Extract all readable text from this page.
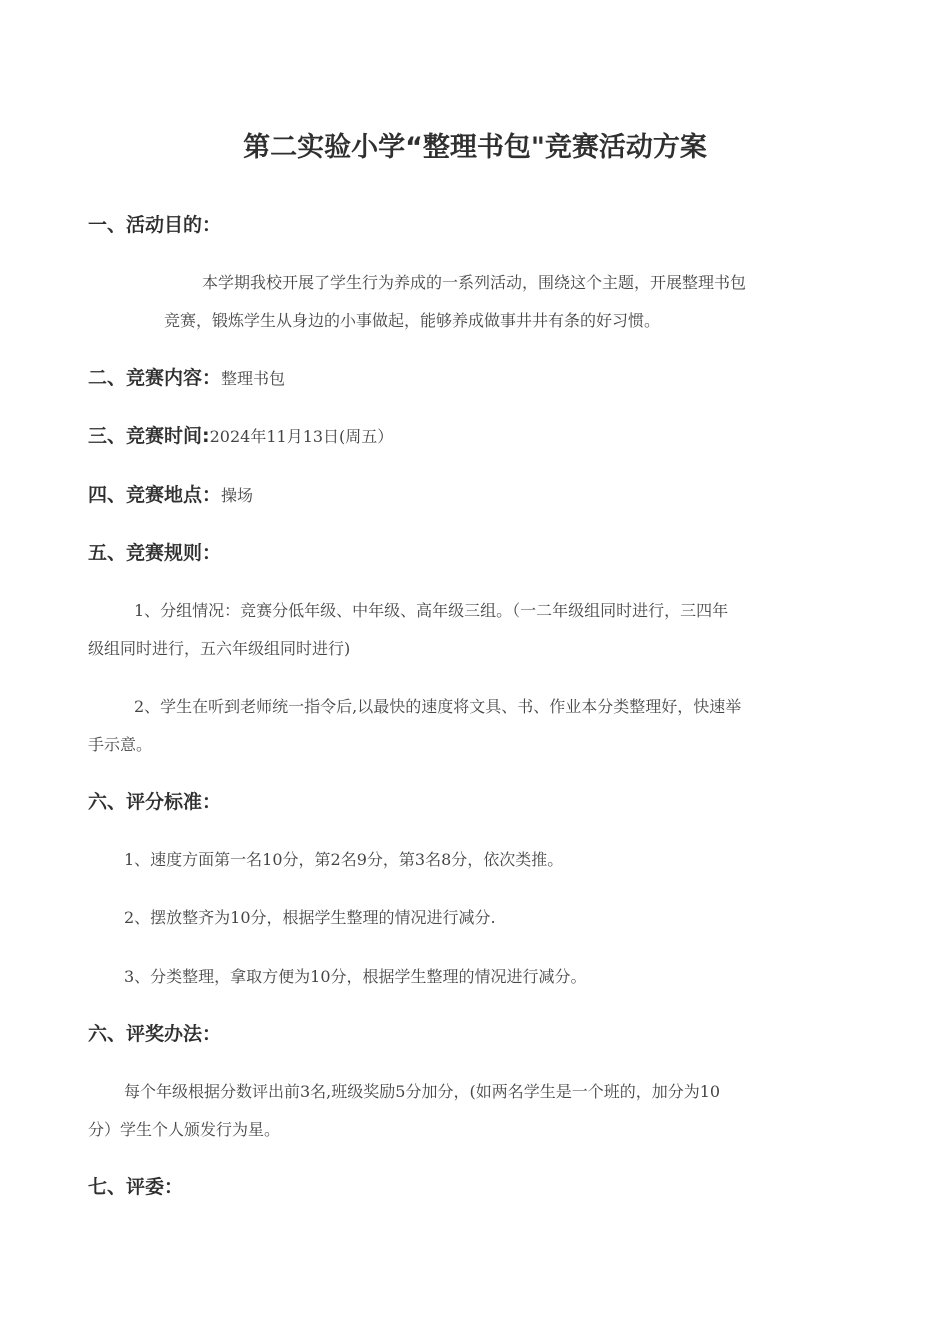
第二实验小学“整理书包"竞赛活动方案
一、活动目的：
本学期我校开展了学生行为养成的一系列活动，围绕这个主题，开展整理书包
竞赛，锻炼学生从身边的小事做起，能够养成做事井井有条的好习惯。
二、竞赛内容：整理书包
三、竞赛时间:2024年11月13日(周五）
四、竞赛地点：操场
五、竞赛规则：
1、分组情况：竞赛分低年级、中年级、高年级三组。（一二年级组同时进行，三四年
级组同时进行，五六年级组同时进行)
2、学生在听到老师统一指令后,以最快的速度将文具、书、作业本分类整理好，快速举
手示意。
六、评分标准：
1、速度方面第一名10分，第2名9分，第3名8分，依次类推。
2、摆放整齐为10分，根据学生整理的情况进行减分.
3、分类整理，拿取方便为10分，根据学生整理的情况进行减分。
六、评奖办法：
每个年级根据分数评出前3名,班级奖励5分加分，(如两名学生是一个班的，加分为10
分）学生个人颁发行为星。
七、评委：
